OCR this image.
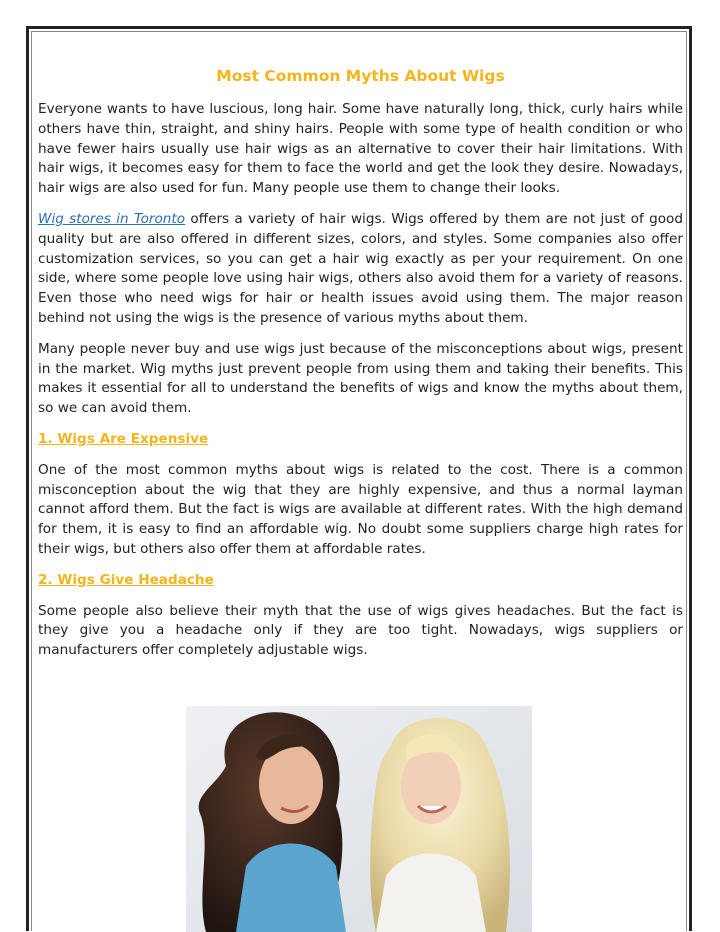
Most Common Myths About Wigs

Everyone wants to have luscious, long hair. Some have naturally long, thick, curly hairs while others have thin, straight, and shiny hairs. People with some type of health condition or who have fewer hairs usually use hair wigs as an alternative to cover their hair limitations. With hair wigs, it becomes easy for them to face the world and get the look they desire. Nowadays, hair wigs are also used for fun. Many people use them to change their looks.

Wig stores in Toronto offers a variety of hair wigs. Wigs offered by them are not just of good quality but are also offered in different sizes, colors, and styles. Some companies also offer customization services, so you can get a hair wig exactly as per your requirement. On one side, where some people love using hair wigs, others also avoid them for a variety of reasons. Even those who need wigs for hair or health issues avoid using them. The major reason behind not using the wigs is the presence of various myths about them.

Many people never buy and use wigs just because of the misconceptions about wigs, present in the market. Wig myths just prevent people from using them and taking their benefits. This makes it essential for all to understand the benefits of wigs and know the myths about them, so we can avoid them.

1. Wigs Are Expensive

One of the most common myths about wigs is related to the cost. There is a common misconception about the wig that they are highly expensive, and thus a normal layman cannot afford them. But the fact is wigs are available at different rates. With the high demand for them, it is easy to find an affordable wig. No doubt some suppliers charge high rates for their wigs, but others also offer them at affordable rates.

2. Wigs Give Headache

Some people also believe their myth that the use of wigs gives headaches. But the fact is they give you a headache only if they are too tight. Nowadays, wigs suppliers or manufacturers offer completely adjustable wigs.
